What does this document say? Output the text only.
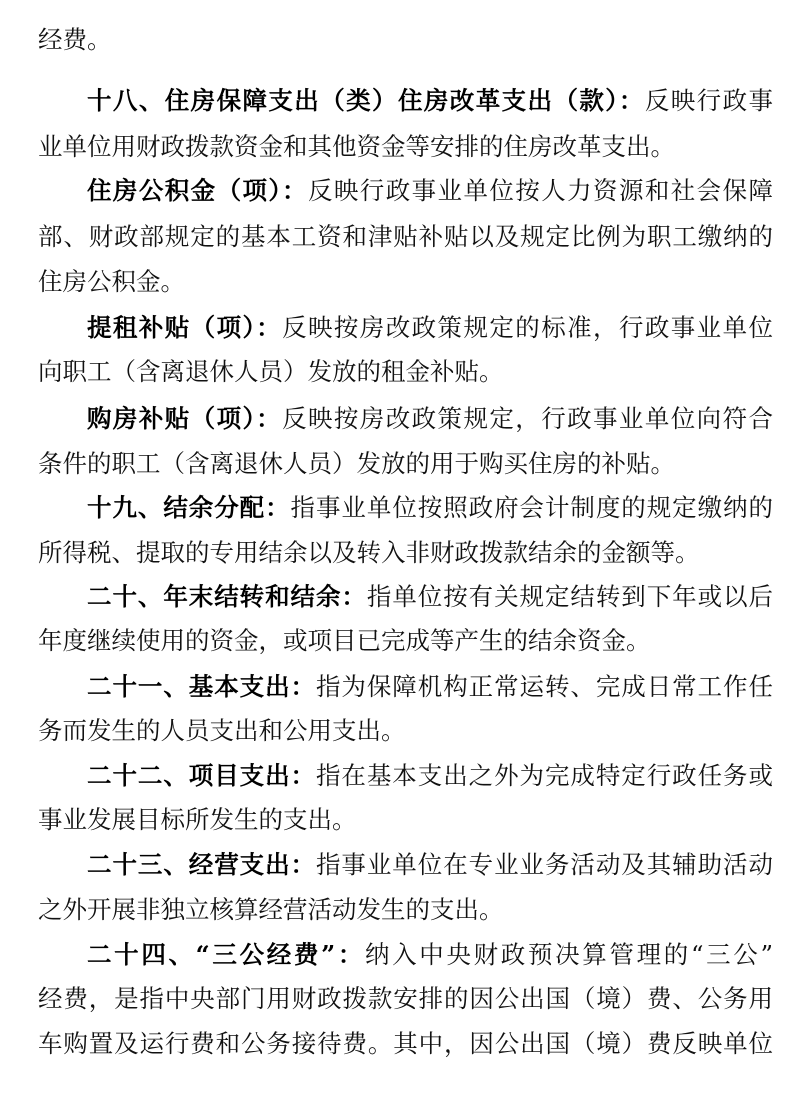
经费。
十八、住房保障支出（类）住房改革支出（款）：反映行政事
业单位用财政拨款资金和其他资金等安排的住房改革支出。
住房公积金（项）：反映行政事业单位按人力资源和社会保障
部、财政部规定的基本工资和津贴补贴以及规定比例为职工缴纳的
住房公积金。
提租补贴（项）：反映按房改政策规定的标准，行政事业单位
向职工（含离退休人员）发放的租金补贴。
购房补贴（项）：反映按房改政策规定，行政事业单位向符合
条件的职工（含离退休人员）发放的用于购买住房的补贴。
十九、结余分配：指事业单位按照政府会计制度的规定缴纳的
所得税、提取的专用结余以及转入非财政拨款结余的金额等。
二十、年末结转和结余：指单位按有关规定结转到下年或以后
年度继续使用的资金，或项目已完成等产生的结余资金。
二十一、基本支出：指为保障机构正常运转、完成日常工作任
务而发生的人员支出和公用支出。
二十二、项目支出：指在基本支出之外为完成特定行政任务或
事业发展目标所发生的支出。
二十三、经营支出：指事业单位在专业业务活动及其辅助活动
之外开展非独立核算经营活动发生的支出。
二十四、“三公经费”：纳入中央财政预决算管理的“三公”
经费，是指中央部门用财政拨款安排的因公出国（境）费、公务用
车购置及运行费和公务接待费。其中，因公出国（境）费反映单位
